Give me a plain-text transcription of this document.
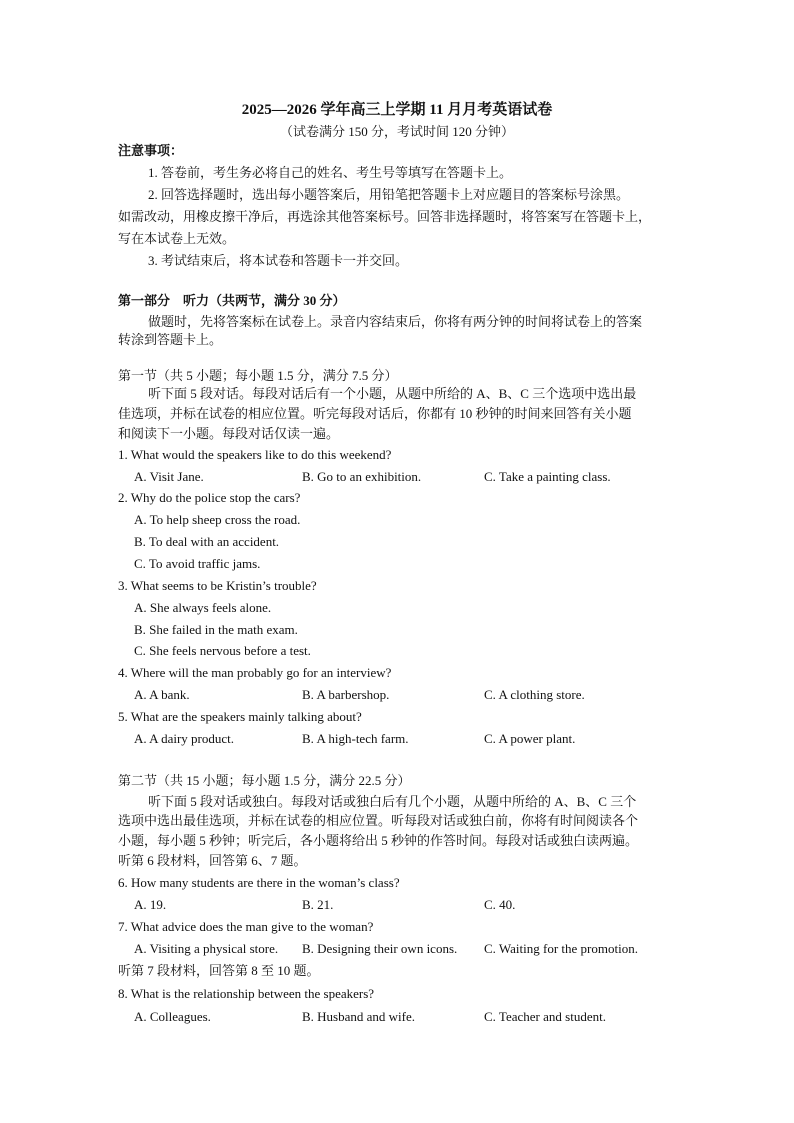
2025—2026 学年高三上学期 11 月月考英语试卷
（试卷满分 150 分，考试时间 120 分钟）
注意事项：
1. 答卷前，考生务必将自己的姓名、考生号等填写在答题卡上。
2. 回答选择题时，选出每小题答案后，用铅笔把答题卡上对应题目的答案标号涂黑。
如需改动，用橡皮擦干净后，再选涂其他答案标号。回答非选择题时，将答案写在答题卡上，
写在本试卷上无效。
3. 考试结束后，将本试卷和答题卡一并交回。
第一部分　听力（共两节，满分 30 分）
做题时，先将答案标在试卷上。录音内容结束后，你将有两分钟的时间将试卷上的答案
转涂到答题卡上。
第一节（共 5 小题；每小题 1.5 分，满分 7.5 分）
听下面 5 段对话。每段对话后有一个小题，从题中所给的 A、B、C 三个选项中选出最
佳选项，并标在试卷的相应位置。听完每段对话后，你都有 10 秒钟的时间来回答有关小题
和阅读下一小题。每段对话仅读一遍。
1. What would the speakers like to do this weekend?
A. Visit Jane.	B. Go to an exhibition.	C. Take a painting class.
2. Why do the police stop the cars?
A. To help sheep cross the road.
B. To deal with an accident.
C. To avoid traffic jams.
3. What seems to be Kristin’s trouble?
A. She always feels alone.
B. She failed in the math exam.
C. She feels nervous before a test.
4. Where will the man probably go for an interview?
A. A bank.	B. A barbershop.	C. A clothing store.
5. What are the speakers mainly talking about?
A. A dairy product.	B. A high-tech farm.	C. A power plant.
第二节（共 15 小题；每小题 1.5 分，满分 22.5 分）
听下面 5 段对话或独白。每段对话或独白后有几个小题，从题中所给的 A、B、C 三个
选项中选出最佳选项，并标在试卷的相应位置。听每段对话或独白前，你将有时间阅读各个
小题，每小题 5 秒钟；听完后，各小题将给出 5 秒钟的作答时间。每段对话或独白读两遍。
听第 6 段材料，回答第 6、7 题。
6. How many students are there in the woman’s class?
A. 19.	B. 21.	C. 40.
7. What advice does the man give to the woman?
A. Visiting a physical store. B. Designing their own icons. C. Waiting for the promotion.
听第 7 段材料，回答第 8 至 10 题。
8. What is the relationship between the speakers?
A. Colleagues.	B. Husband and wife.	C. Teacher and student.
